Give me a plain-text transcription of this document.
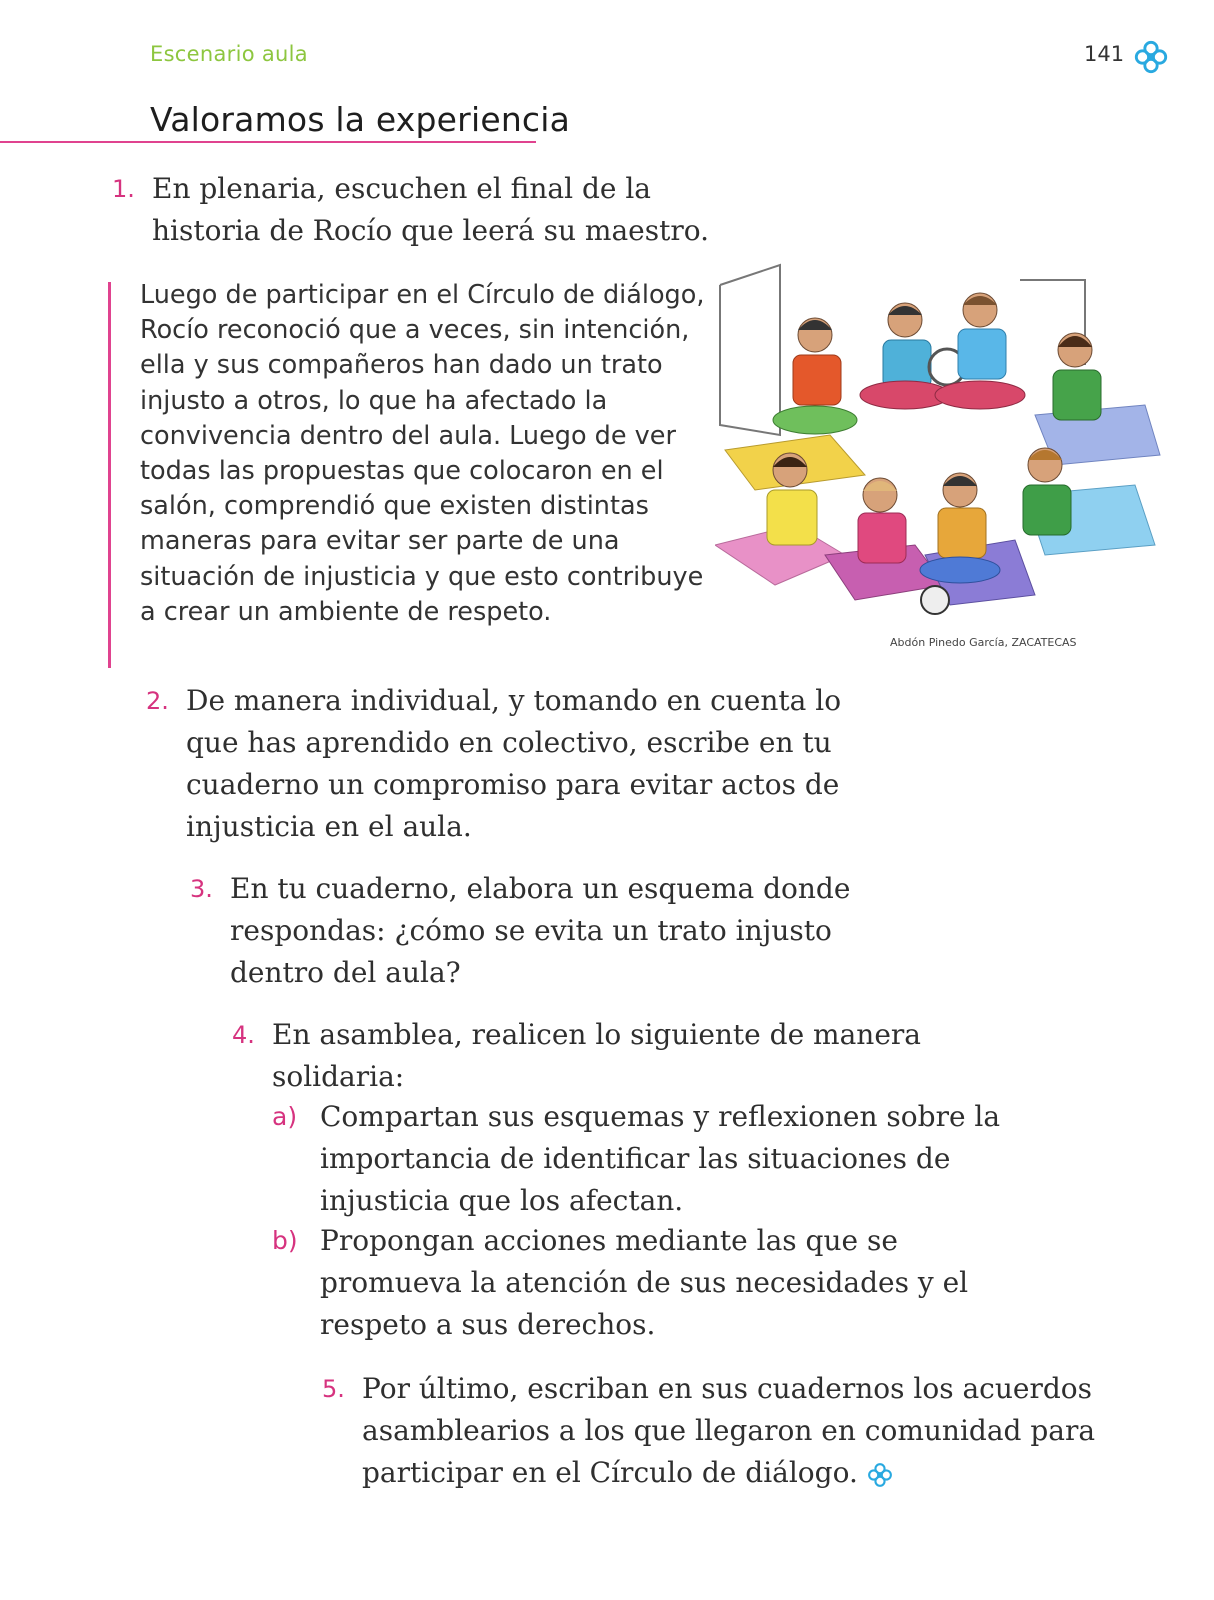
Escenario aula	141
Valoramos la experiencia
1. En plenaria, escuchen el final de la historia de Rocío que leerá su maestro.
Luego de participar en el Círculo de diálogo, Rocío reconoció que a veces, sin intención, ella y sus compañeros han dado un trato injusto a otros, lo que ha afectado la convivencia dentro del aula. Luego de ver todas las propuestas que colocaron en el salón, comprendió que existen distintas maneras para evitar ser parte de una situación de injusticia y que esto contribuye a crear un ambiente de respeto.
Abdón Pinedo García, ZACATECAS
2. De manera individual, y tomando en cuenta lo que has aprendido en colectivo, escribe en tu cuaderno un compromiso para evitar actos de injusticia en el aula.
3. En tu cuaderno, elabora un esquema donde respondas: ¿cómo se evita un trato injusto dentro del aula?
4. En asamblea, realicen lo siguiente de manera solidaria:
a) Compartan sus esquemas y reflexionen sobre la importancia de identificar las situaciones de injusticia que los afectan.
b) Propongan acciones mediante las que se promueva la atención de sus necesidades y el respeto a sus derechos.
5. Por último, escriban en sus cuadernos los acuerdos asamblearios a los que llegaron en comunidad para participar en el Círculo de diálogo.
